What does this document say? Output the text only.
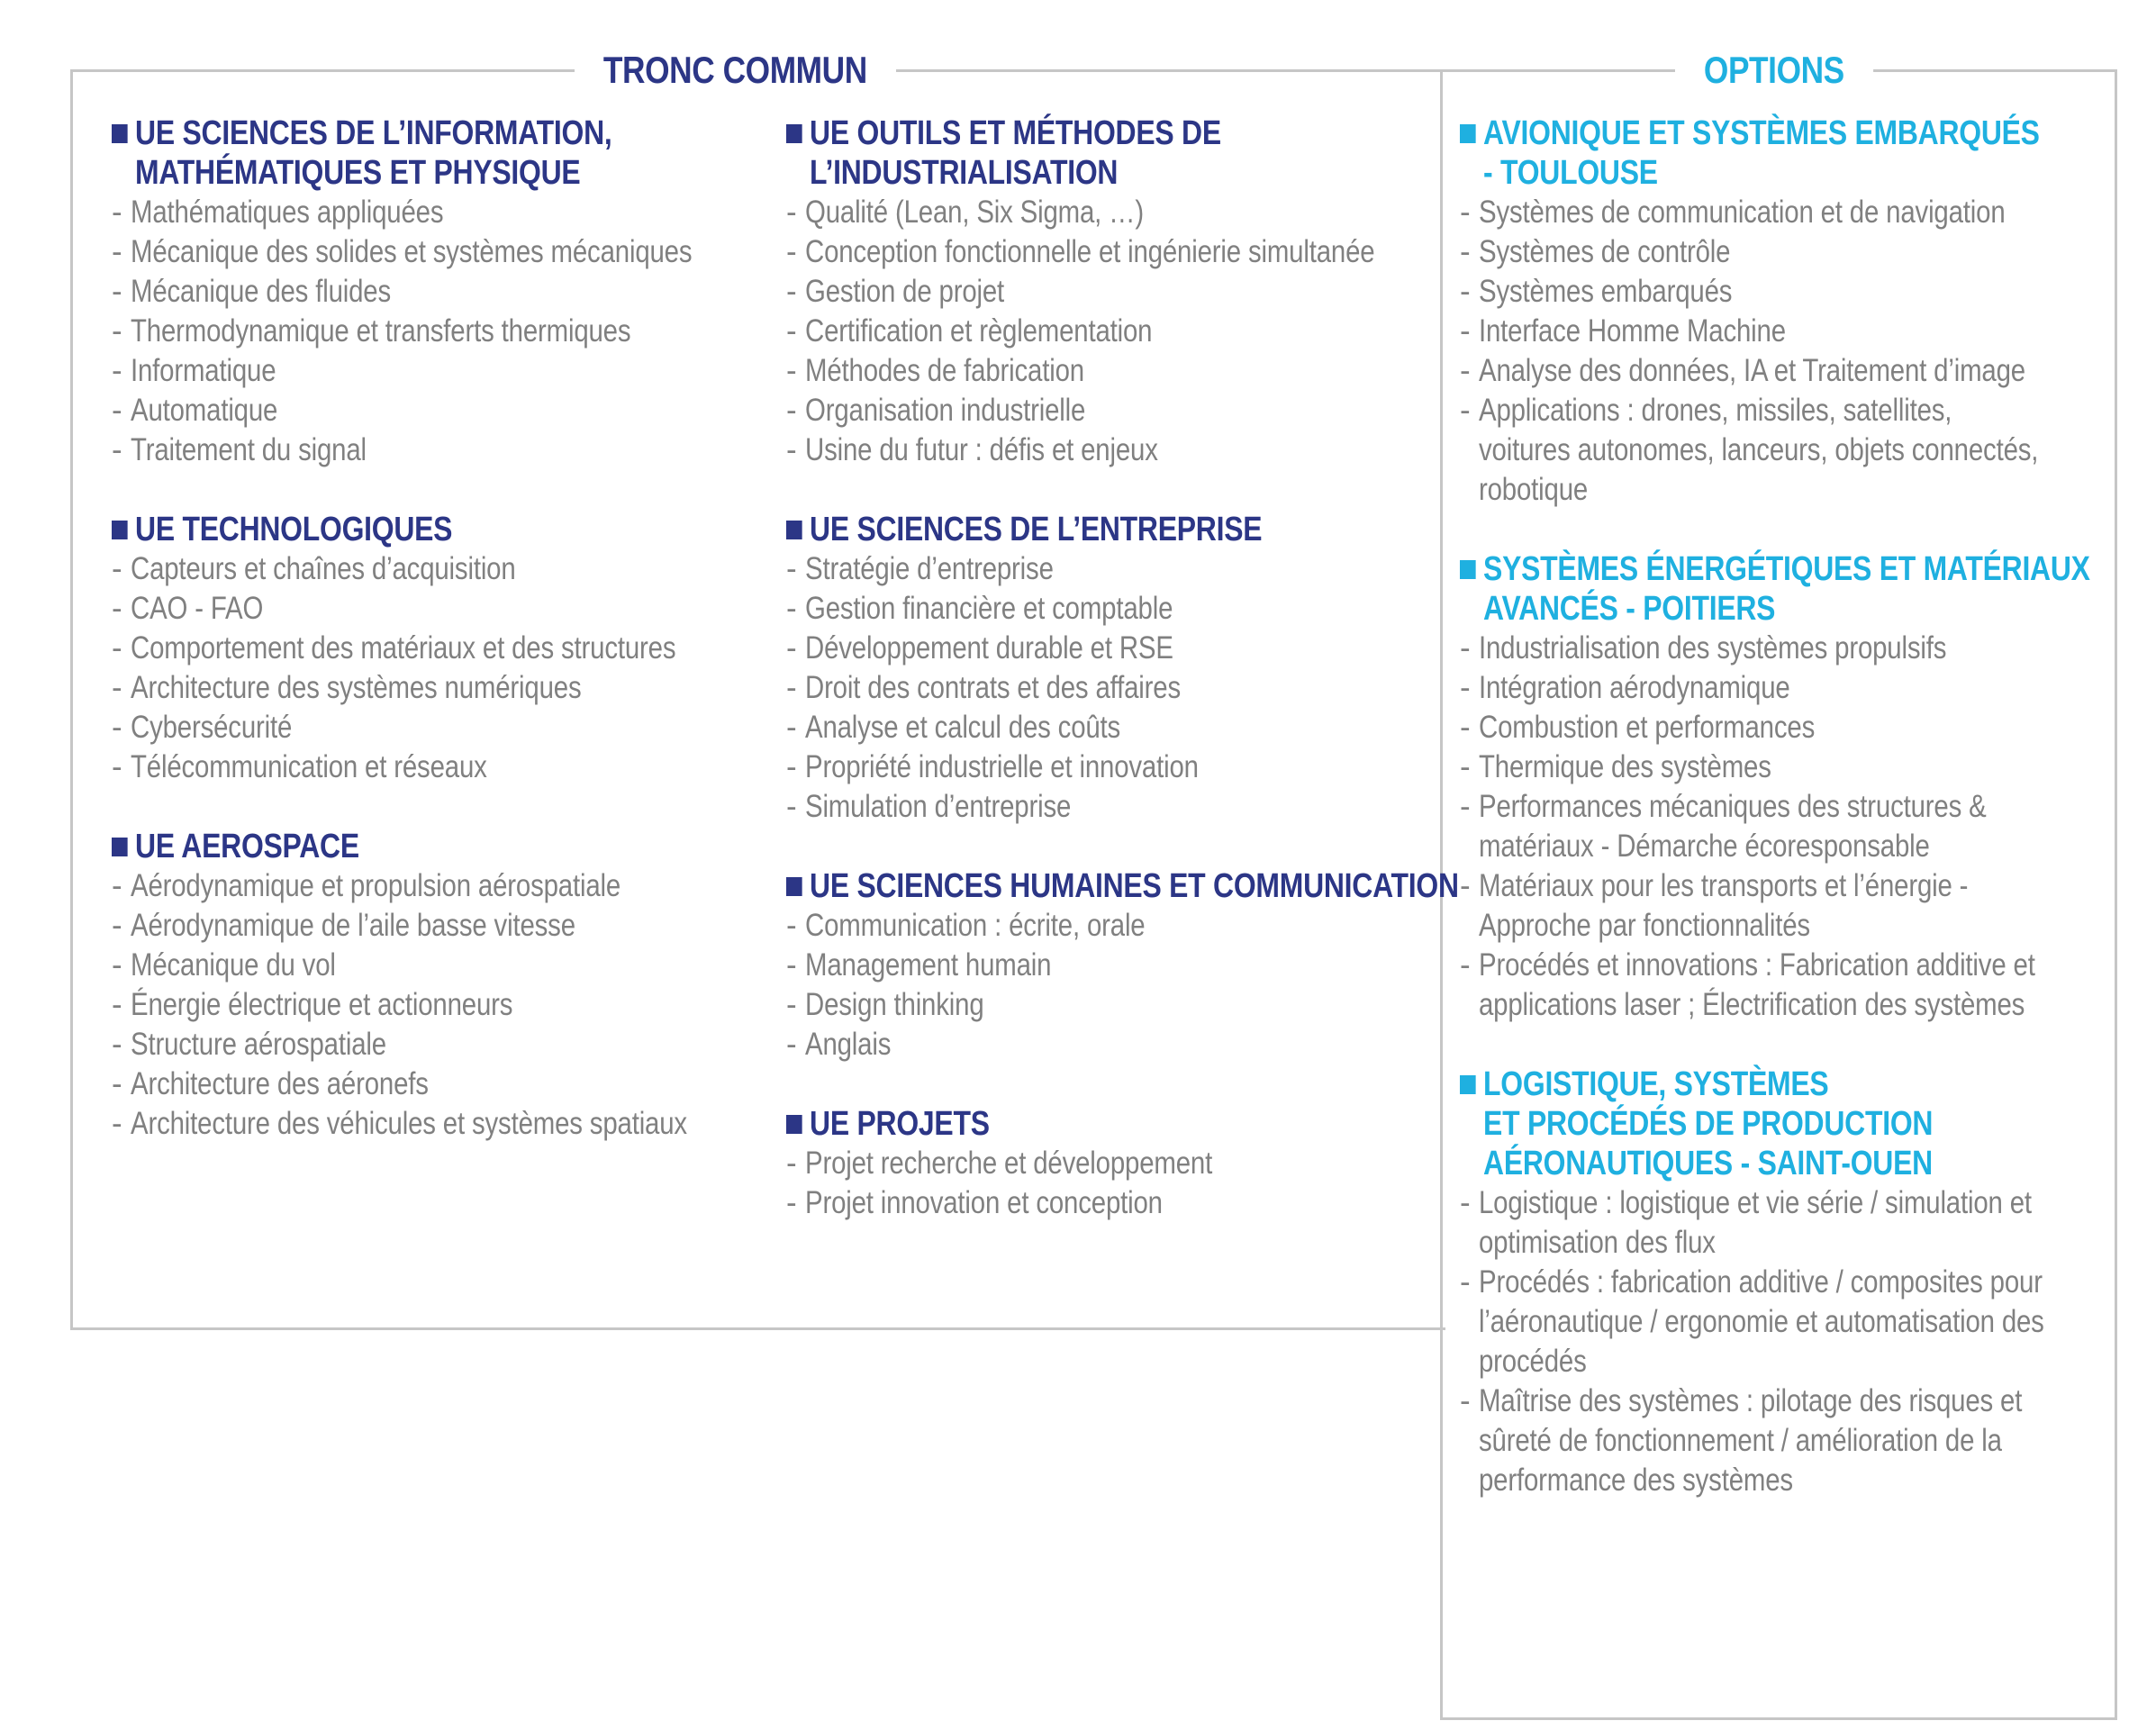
TRONC COMMUN	OPTIONS
UE SCIENCES DE L’INFORMATION,
MATHÉMATIQUES ET PHYSIQUE
- Mathématiques appliquées
- Mécanique des solides et systèmes mécaniques
- Mécanique des fluides
- Thermodynamique et transferts thermiques
- Informatique
- Automatique
- Traitement du signal
UE TECHNOLOGIQUES
- Capteurs et chaînes d’acquisition
- CAO - FAO
- Comportement des matériaux et des structures
- Architecture des systèmes numériques
- Cybersécurité
- Télécommunication et réseaux
UE AEROSPACE
- Aérodynamique et propulsion aérospatiale
- Aérodynamique de l’aile basse vitesse
- Mécanique du vol
- Énergie électrique et actionneurs
- Structure aérospatiale
- Architecture des aéronefs
- Architecture des véhicules et systèmes spatiaux
UE OUTILS ET MÉTHODES DE
L’INDUSTRIALISATION
- Qualité (Lean, Six Sigma, …)
- Conception fonctionnelle et ingénierie simultanée
- Gestion de projet
- Certification et règlementation
- Méthodes de fabrication
- Organisation industrielle
- Usine du futur : défis et enjeux
UE SCIENCES DE L’ENTREPRISE
- Stratégie d’entreprise
- Gestion financière et comptable
- Développement durable et RSE
- Droit des contrats et des affaires
- Analyse et calcul des coûts
- Propriété industrielle et innovation
- Simulation d’entreprise
UE SCIENCES HUMAINES ET COMMUNICATION
- Communication : écrite, orale
- Management humain
- Design thinking
- Anglais
UE PROJETS
- Projet recherche et développement
- Projet innovation et conception
AVIONIQUE ET SYSTÈMES EMBARQUÉS
- TOULOUSE
- Systèmes de communication et de navigation
- Systèmes de contrôle
- Systèmes embarqués
- Interface Homme Machine
- Analyse des données, IA et Traitement d’image
- Applications : drones, missiles, satellites,
voitures autonomes, lanceurs, objets connectés,
robotique
SYSTÈMES ÉNERGÉTIQUES ET MATÉRIAUX
AVANCÉS - POITIERS
- Industrialisation des systèmes propulsifs
- Intégration aérodynamique
- Combustion et performances
- Thermique des systèmes
- Performances mécaniques des structures &
matériaux - Démarche écoresponsable
- Matériaux pour les transports et l’énergie -
Approche par fonctionnalités
- Procédés et innovations : Fabrication additive et
applications laser ; Électrification des systèmes
LOGISTIQUE, SYSTÈMES
ET PROCÉDÉS DE PRODUCTION
AÉRONAUTIQUES - SAINT-OUEN
- Logistique : logistique et vie série / simulation et
optimisation des flux
- Procédés : fabrication additive / composites pour
l’aéronautique / ergonomie et automatisation des
procédés
- Maîtrise des systèmes : pilotage des risques et
sûreté de fonctionnement / amélioration de la
performance des systèmes
